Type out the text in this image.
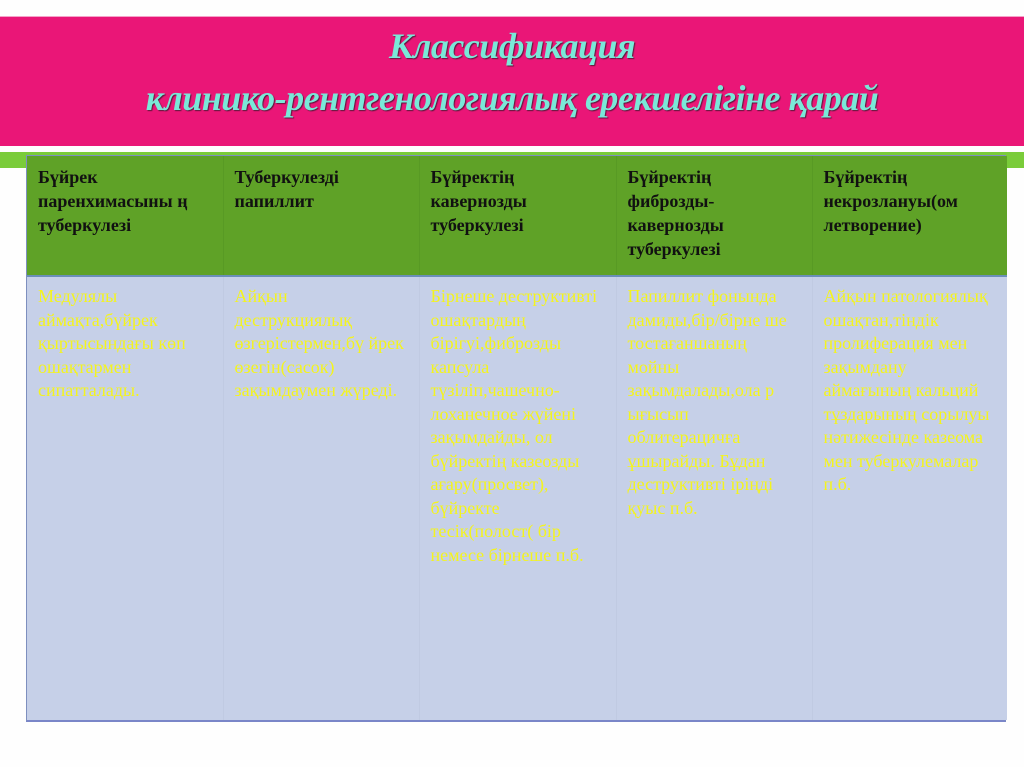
Классификация
клинико-рентгенологиялық ерекшелігіне қарай
Бүйрек паренхимасыны ң туберкулезі	Туберкулезді папиллит	Бүйректің кавернозды туберкулезі	Бүйректің фиброзды-кавернозды туберкулезі	Бүйректің некрозлануы(ом летворение)
Медулялы аймақта,бүйрек қыртысындағы көп ошақтармен сипатталады.	Айқын деструкциялық өзгерістермен,бү йрек өзегін(сасок) зақымдаумен жүреді.	Бірнеше деструктивті ошақтардың бірігуі,фиброзды капсула түзіліп,чашечно-лоханечное жүйені зақымдайды, ол бүйректің казеозды ағару(просвет), бүйректе тесік(полост( бір немесе бірнеше п.б.	Папиллит фонында дамиды,бір/бірне ше тостағаншаның мойны зақымдалады,ола р ығысып облитерацичға ұшырайды. Бұдан деструктивті іріңді қуыс п.б.	Айқын патологиялық ошақтан,тіндік пролиферация мен зақымдану аймағының кальций тұздарының сорылуы нәтижесінде казеома мен туберкулемалар п.б.
